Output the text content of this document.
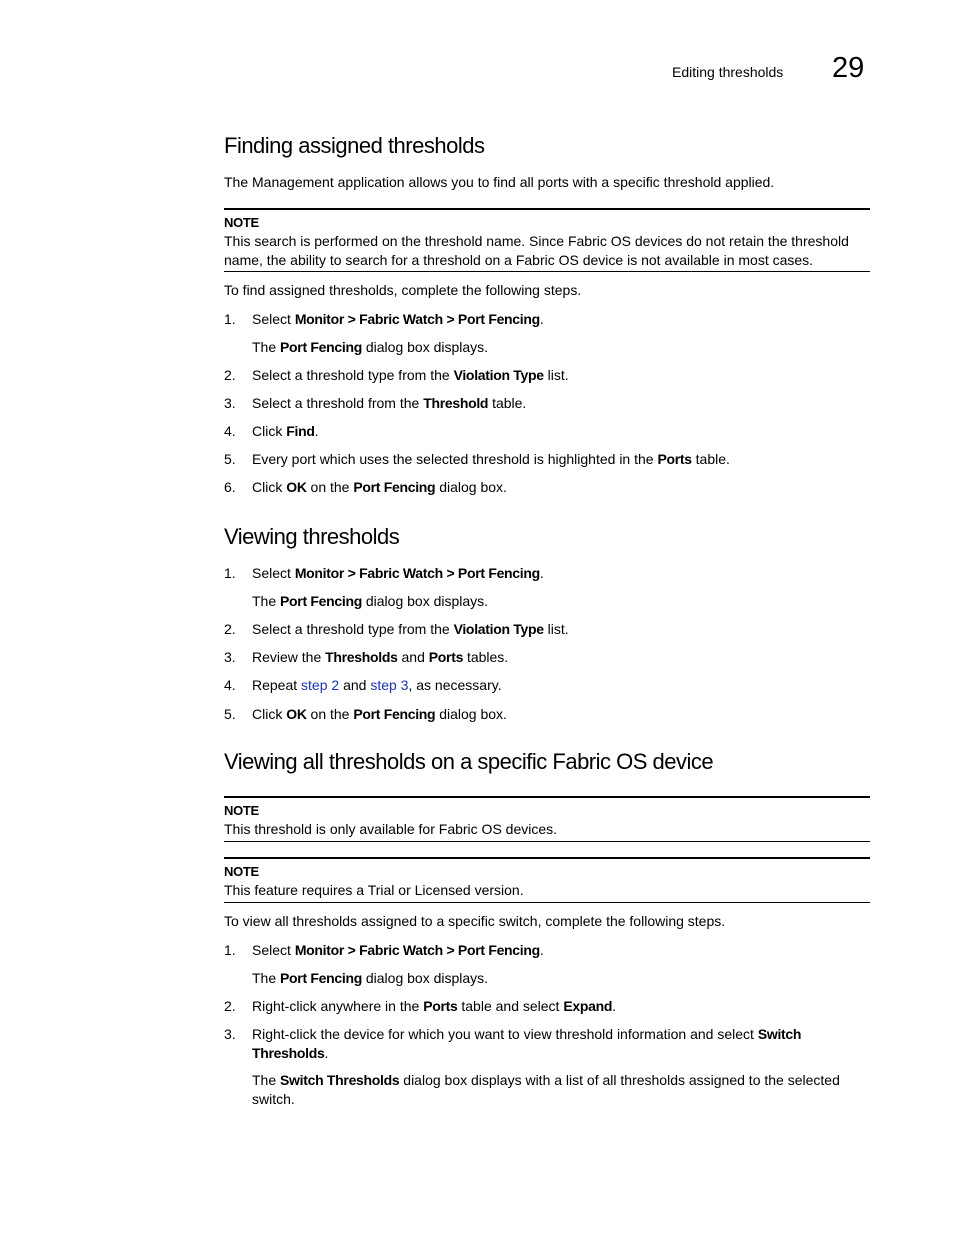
Editing thresholds 29
Finding assigned thresholds
The Management application allows you to find all ports with a specific threshold applied.
NOTE
This search is performed on the threshold name. Since Fabric OS devices do not retain the threshold name, the ability to search for a threshold on a Fabric OS device is not available in most cases.
To find assigned thresholds, complete the following steps.
1.	Select Monitor > Fabric Watch > Port Fencing.
The Port Fencing dialog box displays.
2.	Select a threshold type from the Violation Type list.
3.	Select a threshold from the Threshold table.
4.	Click Find.
5.	Every port which uses the selected threshold is highlighted in the Ports table.
6.	Click OK on the Port Fencing dialog box.
Viewing thresholds
1.	Select Monitor > Fabric Watch > Port Fencing.
The Port Fencing dialog box displays.
2.	Select a threshold type from the Violation Type list.
3.	Review the Thresholds and Ports tables.
4.	Repeat step 2 and step 3, as necessary.
5.	Click OK on the Port Fencing dialog box.
Viewing all thresholds on a specific Fabric OS device
NOTE
This threshold is only available for Fabric OS devices.
NOTE
This feature requires a Trial or Licensed version.
To view all thresholds assigned to a specific switch, complete the following steps.
1.	Select Monitor > Fabric Watch > Port Fencing.
The Port Fencing dialog box displays.
2.	Right-click anywhere in the Ports table and select Expand.
3.	Right-click the device for which you want to view threshold information and select Switch Thresholds.
The Switch Thresholds dialog box displays with a list of all thresholds assigned to the selected switch.
